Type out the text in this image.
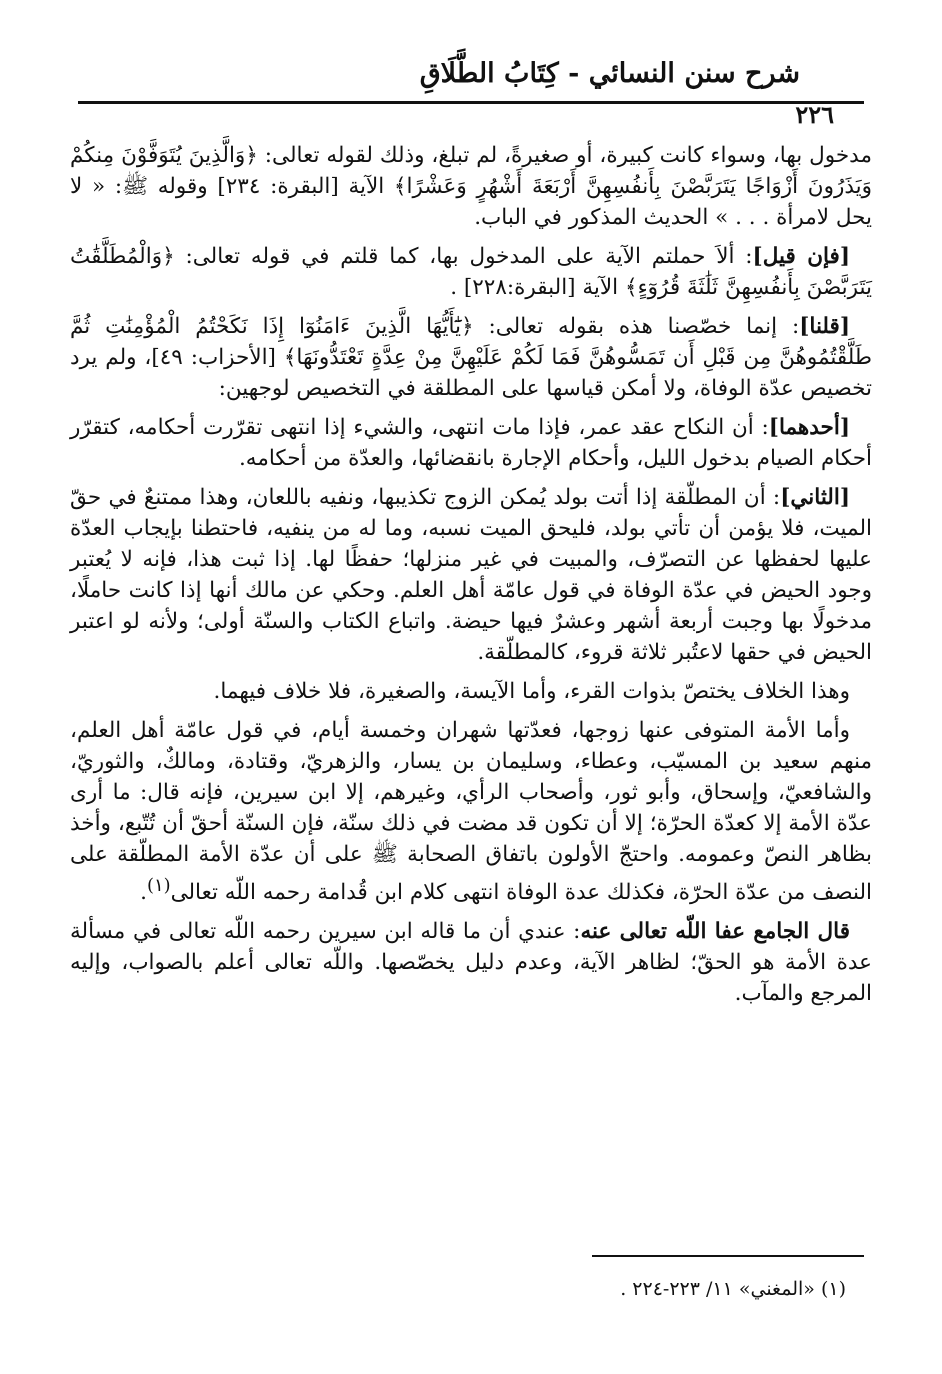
شرح سنن النسائي - كِتَابُ الطَّلَاقِ
٢٢٦

مدخول بها، وسواء كانت كبيرة، أو صغيرةً، لم تبلغ، وذلك لقوله تعالى: ﴿وَالَّذِينَ يُتَوَفَّوْنَ مِنكُمْ وَيَذَرُونَ أَزْوَاجًا يَتَرَبَّصْنَ بِأَنفُسِهِنَّ أَرْبَعَةَ أَشْهُرٍ وَعَشْرًا﴾ الآية [البقرة: ٢٣٤] وقوله ﷺ: « لا يحل لامرأة . . . » الحديث المذكور في الباب.

[فإن قيل]: ألاَ حملتم الآية على المدخول بها، كما قلتم في قوله تعالى: ﴿وَالْمُطَلَّقَٰتُ يَتَرَبَّصْنَ بِأَنفُسِهِنَّ ثَلَٰثَةَ قُرُوٓءٍ﴾ الآية [البقرة:٢٢٨] .

[قلنا]: إنما خصّصنا هذه بقوله تعالى: ﴿يَٰٓأَيُّهَا الَّذِينَ ءَامَنُوٓا إِذَا نَكَحْتُمُ الْمُؤْمِنَٰتِ ثُمَّ طَلَّقْتُمُوهُنَّ مِن قَبْلِ أَن تَمَسُّوهُنَّ فَمَا لَكُمْ عَلَيْهِنَّ مِنْ عِدَّةٍ تَعْتَدُّونَهَا﴾ [الأحزاب: ٤٩]، ولم يرد تخصيص عدّة الوفاة، ولا أمكن قياسها على المطلقة في التخصيص لوجهين:

[أحدهما]: أن النكاح عقد عمر، فإذا مات انتهى، والشيء إذا انتهى تقرّرت أحكامه، كتقرّر أحكام الصيام بدخول الليل، وأحكام الإجارة بانقضائها، والعدّة من أحكامه.

[الثاني]: أن المطلّقة إذا أتت بولد يُمكن الزوج تكذيبها، ونفيه باللعان، وهذا ممتنعٌ في حقّ الميت، فلا يؤمن أن تأتي بولد، فليحق الميت نسبه، وما له من ينفيه، فاحتطنا بإيجاب العدّة عليها لحفظها عن التصرّف، والمبيت في غير منزلها؛ حفظًا لها. إذا ثبت هذا، فإنه لا يُعتبر وجود الحيض في عدّة الوفاة في قول عامّة أهل العلم. وحكي عن مالك أنها إذا كانت حاملًا، مدخولًا بها وجبت أربعة أشهر وعشرٌ فيها حيضة. واتباع الكتاب والسنّة أولى؛ ولأنه لو اعتبر الحيض في حقها لاعتُبر ثلاثة قروء، كالمطلّقة.

وهذا الخلاف يختصّ بذوات القرء، وأما الآيسة، والصغيرة، فلا خلاف فيهما.

وأما الأمة المتوفى عنها زوجها، فعدّتها شهران وخمسة أيام، في قول عامّة أهل العلم، منهم سعيد بن المسيّب، وعطاء، وسليمان بن يسار، والزهريّ، وقتادة، ومالكٌ، والثوريّ، والشافعيّ، وإسحاق، وأبو ثور، وأصحاب الرأي، وغيرهم، إلا ابن سيرين، فإنه قال: ما أرى عدّة الأمة إلا كعدّة الحرّة؛ إلا أن تكون قد مضت في ذلك سنّة، فإن السنّة أحقّ أن تُتّبع، وأخذ بظاهر النصّ وعمومه. واحتجّ الأولون باتفاق الصحابة ﷺ على أن عدّة الأمة المطلّقة على النصف من عدّة الحرّة، فكذلك عدة الوفاة انتهى كلام ابن قُدامة رحمه اللّه تعالى$^{(١)}$.

قال الجامع عفا اللّه تعالى عنه: عندي أن ما قاله ابن سيرين رحمه اللّه تعالى في مسألة عدة الأمة هو الحقّ؛ لظاهر الآية، وعدم دليل يخصّصها. واللّه تعالى أعلم بالصواب، وإليه المرجع والمآب.

(١) «المغني» ١١/ ٢٢٣-٢٢٤ .
